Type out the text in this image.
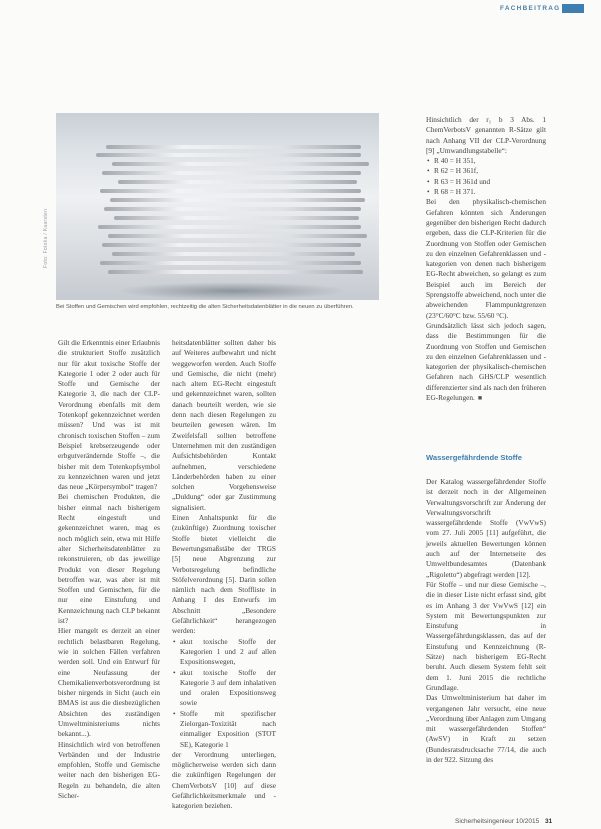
FACHBEITRAG
Foto: Fotolia / Kaarsten
Bei Stoffen und Gemischen wird empfohlen, rechtzeitig die alten Sicherheitsdatenblätter in die neuen zu überführen.

Gilt die Erkenntnis einer Erlaubnis die strukturiert Stoffe zusätzlich nur für akut toxische Stoffe der Kategorie 1 oder 2 oder auch für Stoffe und Gemische der Kategorie 3, die nach der CLP-Verordnung ebenfalls mit dem Totenkopf gekennzeichnet werden müssen? Und was ist mit chronisch toxischen Stoffen – zum Beispiel krebserzeugende oder erbgutverändernde Stoffe –, die bisher mit dem Totenkopfsymbol zu kennzeichnen waren und jetzt das neue „Körpersymbol“ tragen?

Bei chemischen Produkten, die bisher einmal nach bisherigem Recht eingestuft und gekennzeichnet waren, mag es noch möglich sein, etwa mit Hilfe alter Sicherheitsdatenblätter zu rekonstruieren, ob das jeweilige Produkt von dieser Regelung betroffen war, was aber ist mit Stoffen und Gemischen, für die nur eine Einstufung und Kennzeichnung nach CLP bekannt ist?

Hier mangelt es derzeit an einer rechtlich belastbaren Regelung, wie in solchen Fällen verfahren werden soll. Und ein Entwurf für eine Neufassung der Chemikalienverbotsverordnung ist bisher nirgends in Sicht (auch ein BMAS ist aus die diesbezüglichen Absichten des zuständigen Umweltministeriums nichts bekannt...).

Hinsichtlich wird von betroffenen Verbänden und der Industrie empfohlen, Stoffe und Gemische weiter nach den bisherigen EG-Regeln zu behandeln, die alten Sicher-

heitsdatenblätter sollten daher bis auf Weiteres aufbewahrt und nicht weggeworfen werden. Auch Stoffe und Gemische, die nicht (mehr) nach altem EG-Recht eingestuft und gekennzeichnet waren, sollten danach beurteilt werden, wie sie denn nach diesen Regelungen zu beurteilen gewesen wären. Im Zweifelsfall sollten betroffene Unternehmen mit den zuständigen Aufsichtsbehörden Kontakt aufnehmen, verschiedene Länderbehörden haben zu einer solchen Vorgehensweise „Duldung“ oder gar Zustimmung signalisiert.

Einen Anhaltspunkt für die (zukünftige) Zuordnung toxischer Stoffe bietet vielleicht die Bewertungsmaßstäbe der TRGS [5] neue Abgrenzung zur Verbotsregelung befindliche Stöfelverordnung [5]. Darin sollen nämlich nach dem Stoffliste in Anhang I des Entwurfs im Abschnitt „Besondere Gefährlichkeit“ herangezogen werden:

• akut toxische Stoffe der Kategorien 1 und 2 auf allen Expositionswegen,
• akut toxische Stoffe der Kategorie 3 auf dem inhalativen und oralen Expositionsweg sowie
• Stoffe mit spezifischer Zielorgan-Toxizität nach einmaliger Exposition (STOT SE), Kategorie 1

der Verordnung unterliegen, möglicherweise werden sich dann die zukünftigen Regelungen der ChemVerbotsV [10] auf diese Gefährlichkeitsmerkmale und -kategorien beziehen.

Hinsichtlich der r₁ b 3 Abs. 1 ChemVerbotsV genannten R-Sätze gilt nach Anhang VII der CLP-Verordnung [9] „Umwandlungstabelle“:

• R 40 = H 351,
• R 62 = H 361f,
• R 63 = H 361d und
• R 68 = H 371.

Bei den physikalisch-chemischen Gefahren könnten sich Änderungen gegenüber den bisherigen Recht dadurch ergeben, dass die CLP-Kriterien für die Zuordnung von Stoffen oder Gemischen zu den einzelnen Gefahrenklassen und -kategorien von denen nach bisherigem EG-Recht abweichen, so gelangt es zum Beispiel auch im Bereich der Sprengstoffe abweichend, noch unter die abweichenden Flammpunktgrenzen (23°C/60°C bzw. 55/60 °C).

Grundsätzlich lässt sich jedoch sagen, dass die Bestimmungen für die Zuordnung von Stoffen und Gemischen zu den einzelnen Gefahrenklassen und -kategorien der physikalisch-chemischen Gefahren nach GHS/CLP wesentlich differenzierter sind als nach den früheren EG-Regelungen. ■

Wassergefährdende Stoffe

Der Katalog wassergefährdender Stoffe ist derzeit noch in der Allgemeinen Verwaltungsvorschrift zur Änderung der Verwaltungsvorschrift wassergefährdende Stoffe (VwVwS) vom 27. Juli 2005 [11] aufgeführt, die jeweils aktuellen Bewertungen können auch auf der Internetseite des Umweltbundesamtes (Datenbank „Rigoletto“) abgefragt werden [12].

Für Stoffe – und nur diese Gemische –, die in dieser Liste nicht erfasst sind, gibt es im Anhang 3 der VwVwS [12] ein System mit Bewertungspunkten zur Einstufung in Wassergefährdungsklassen, das auf der Einstufung und Kennzeichnung (R-Sätze) nach bisherigem EG-Recht beruht. Auch diesem System fehlt seit dem 1. Juni 2015 die rechtliche Grundlage.

Das Umweltministerium hat daher im vergangenen Jahr versucht, eine neue „Verordnung über Anlagen zum Umgang mit wassergefährdenden Stoffen“ (AwSV) in Kraft zu setzen (Bundesratsdrucksache 77/14, die auch in der 922. Sitzung des

Sicherheitsingenieur 10/2015 31
